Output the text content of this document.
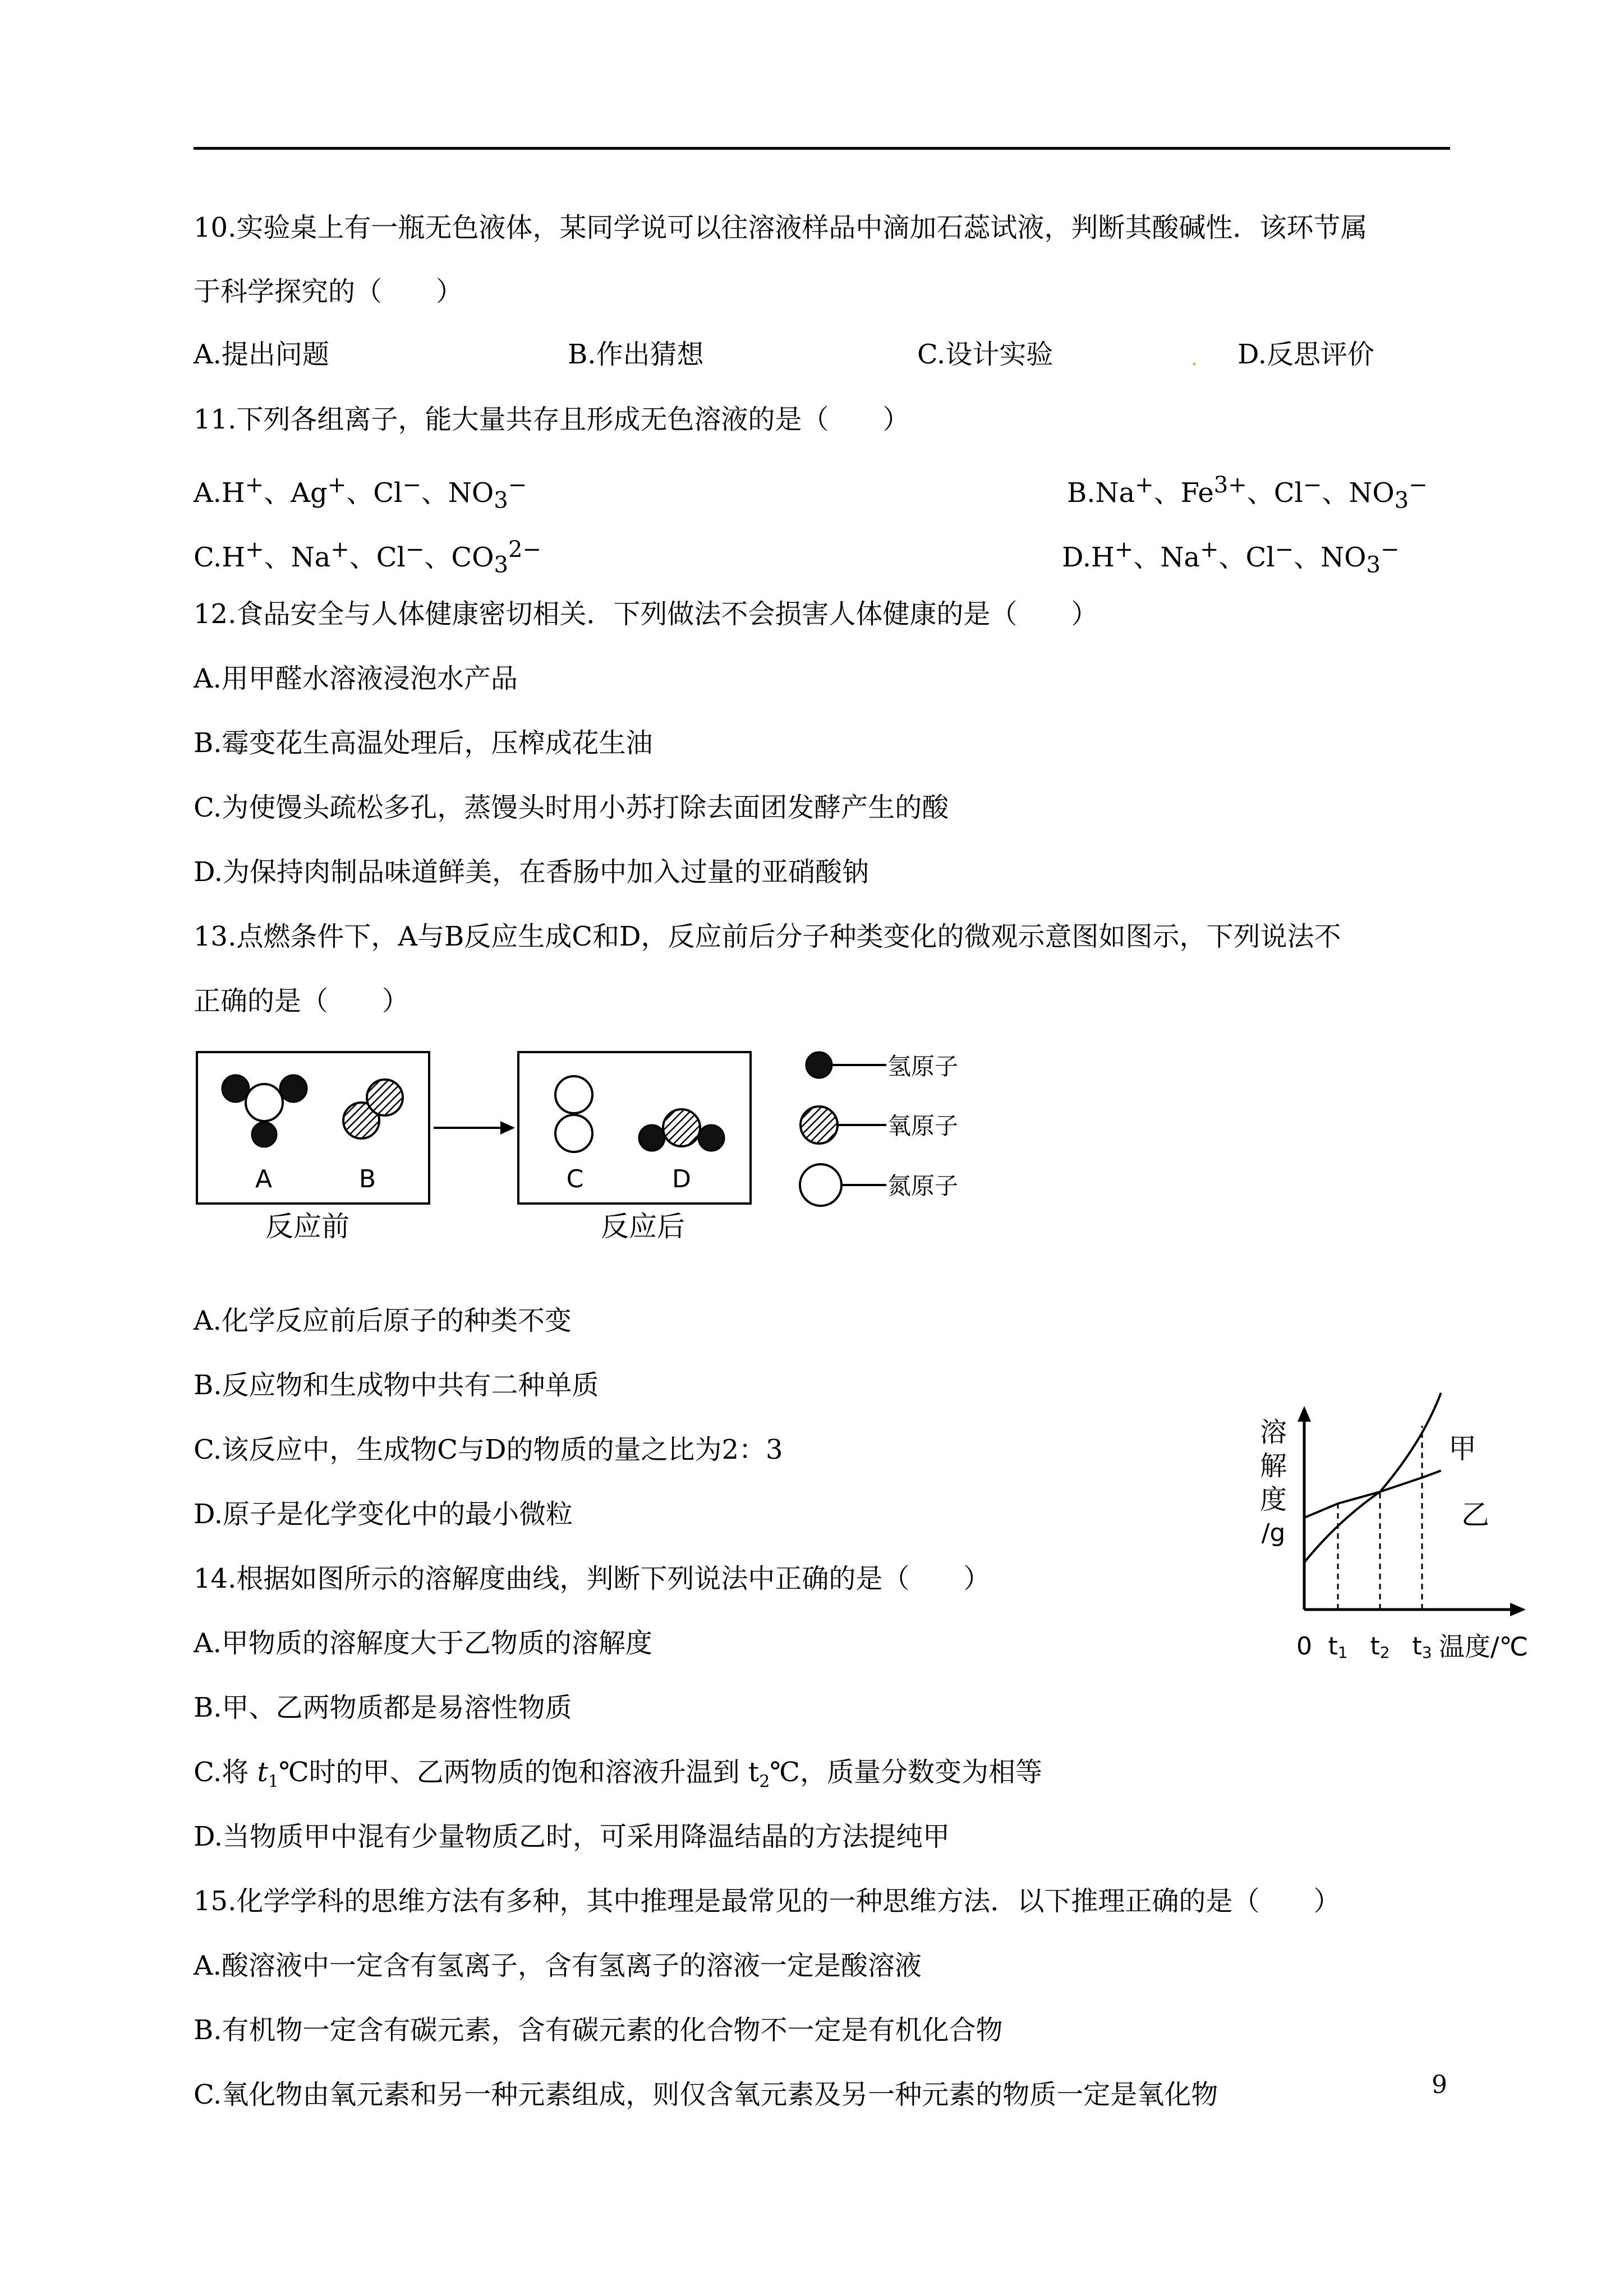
10.实验桌上有一瓶无色液体，某同学说可以往溶液样品中滴加石蕊试液，判断其酸碱性．该环节属
于科学探究的（　　）
A.提出问题	B.作出猜想	C.设计实验	D.反思评价
11.下列各组离子，能大量共存且形成无色溶液的是（　　）
A.H+、Ag+、Cl−、$NO_3^-$	B.Na+、$Fe^{3+}$、Cl−、$NO_3^-$
C.H+、Na+、Cl−、$CO_3^{2-}$	D.H+、Na+、Cl−、$NO_3^-$
12.食品安全与人体健康密切相关．下列做法不会损害人体健康的是（　　）
A.用甲醛水溶液浸泡水产品
B.霉变花生高温处理后，压榨成花生油
C.为使馒头疏松多孔，蒸馒头时用小苏打除去面团发酵产生的酸
D.为保持肉制品味道鲜美，在香肠中加入过量的亚硝酸钠
13.点燃条件下，A与B反应生成C和D，反应前后分子种类变化的微观示意图如图示，下列说法不
正确的是（　　）
A	B
反应前
C	D
反应后
氢原子
氧原子
氮原子
A.化学反应前后原子的种类不变
B.反应物和生成物中共有二种单质
C.该反应中，生成物C与D的物质的量之比为2：3
D.原子是化学变化中的最小微粒
溶
解
度
/g
0 t1 t2 t3 温度/℃
甲
乙
14.根据如图所示的溶解度曲线，判断下列说法中正确的是（　　）
A.甲物质的溶解度大于乙物质的溶解度
B.甲、乙两物质都是易溶性物质
C.将 $t_1℃$时的甲、乙两物质的饱和溶液升温到 $t_2℃$，质量分数变为相等
D.当物质甲中混有少量物质乙时，可采用降温结晶的方法提纯甲
15.化学学科的思维方法有多种，其中推理是最常见的一种思维方法．以下推理正确的是（　　）
A.酸溶液中一定含有氢离子，含有氢离子的溶液一定是酸溶液
B.有机物一定含有碳元素，含有碳元素的化合物不一定是有机化合物
C.氧化物由氧元素和另一种元素组成，则仅含氧元素及另一种元素的物质一定是氧化物	9
